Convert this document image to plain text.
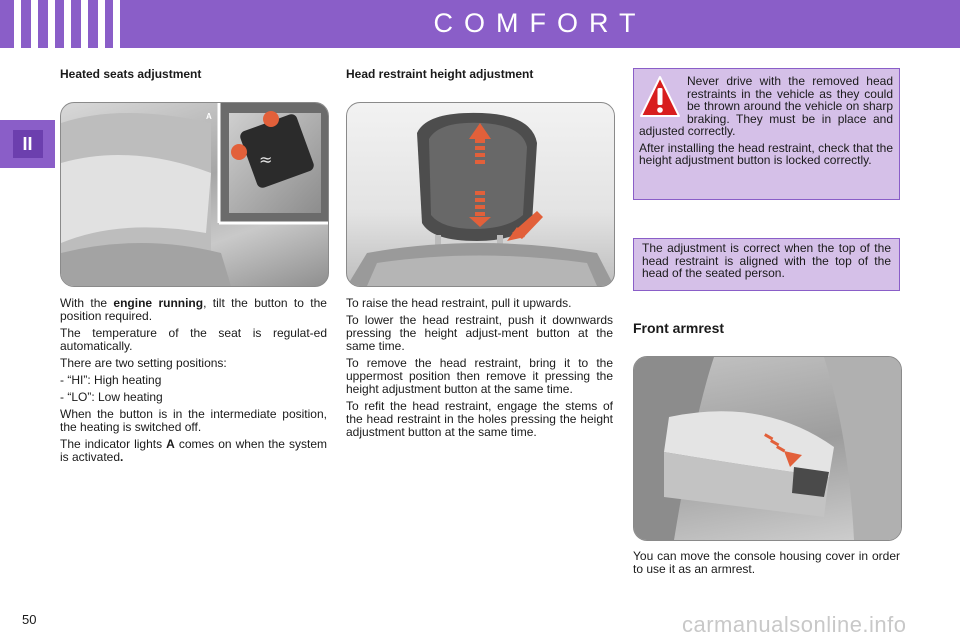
COMFORT
II
Heated seats adjustment
≈
A

With the engine running, tilt the button to the position required.

The temperature of the seat is regulat-ed automatically.

There are two setting positions:

- “HI”: High heating

- “LO”: Low heating

When the button is in the intermediate position, the heating is switched off.

The indicator lights A comes on when the system is activated.

Head restraint height adjustment

To raise the head restraint, pull it upwards.

To lower the head restraint, push it downwards pressing the height adjust-ment button at the same time.

To remove the head restraint, bring it to the uppermost position then remove it pressing the height adjustment button at the same time.

To refit the head restraint, engage the stems of the head restraint in the holes pressing the height adjustment button at the same time.

Never drive with the removed head restraints in the vehicle as they could be thrown around the vehicle on sharp braking. They must be in place and adjusted correctly.

After installing the head restraint, check that the height adjustment button is locked correctly.

The adjustment is correct when the top of the head restraint is aligned with the top of the head of the seated person.
Front armrest
You can move the console housing cover in order to use it as an armrest.
50	carmanualsonline.info
